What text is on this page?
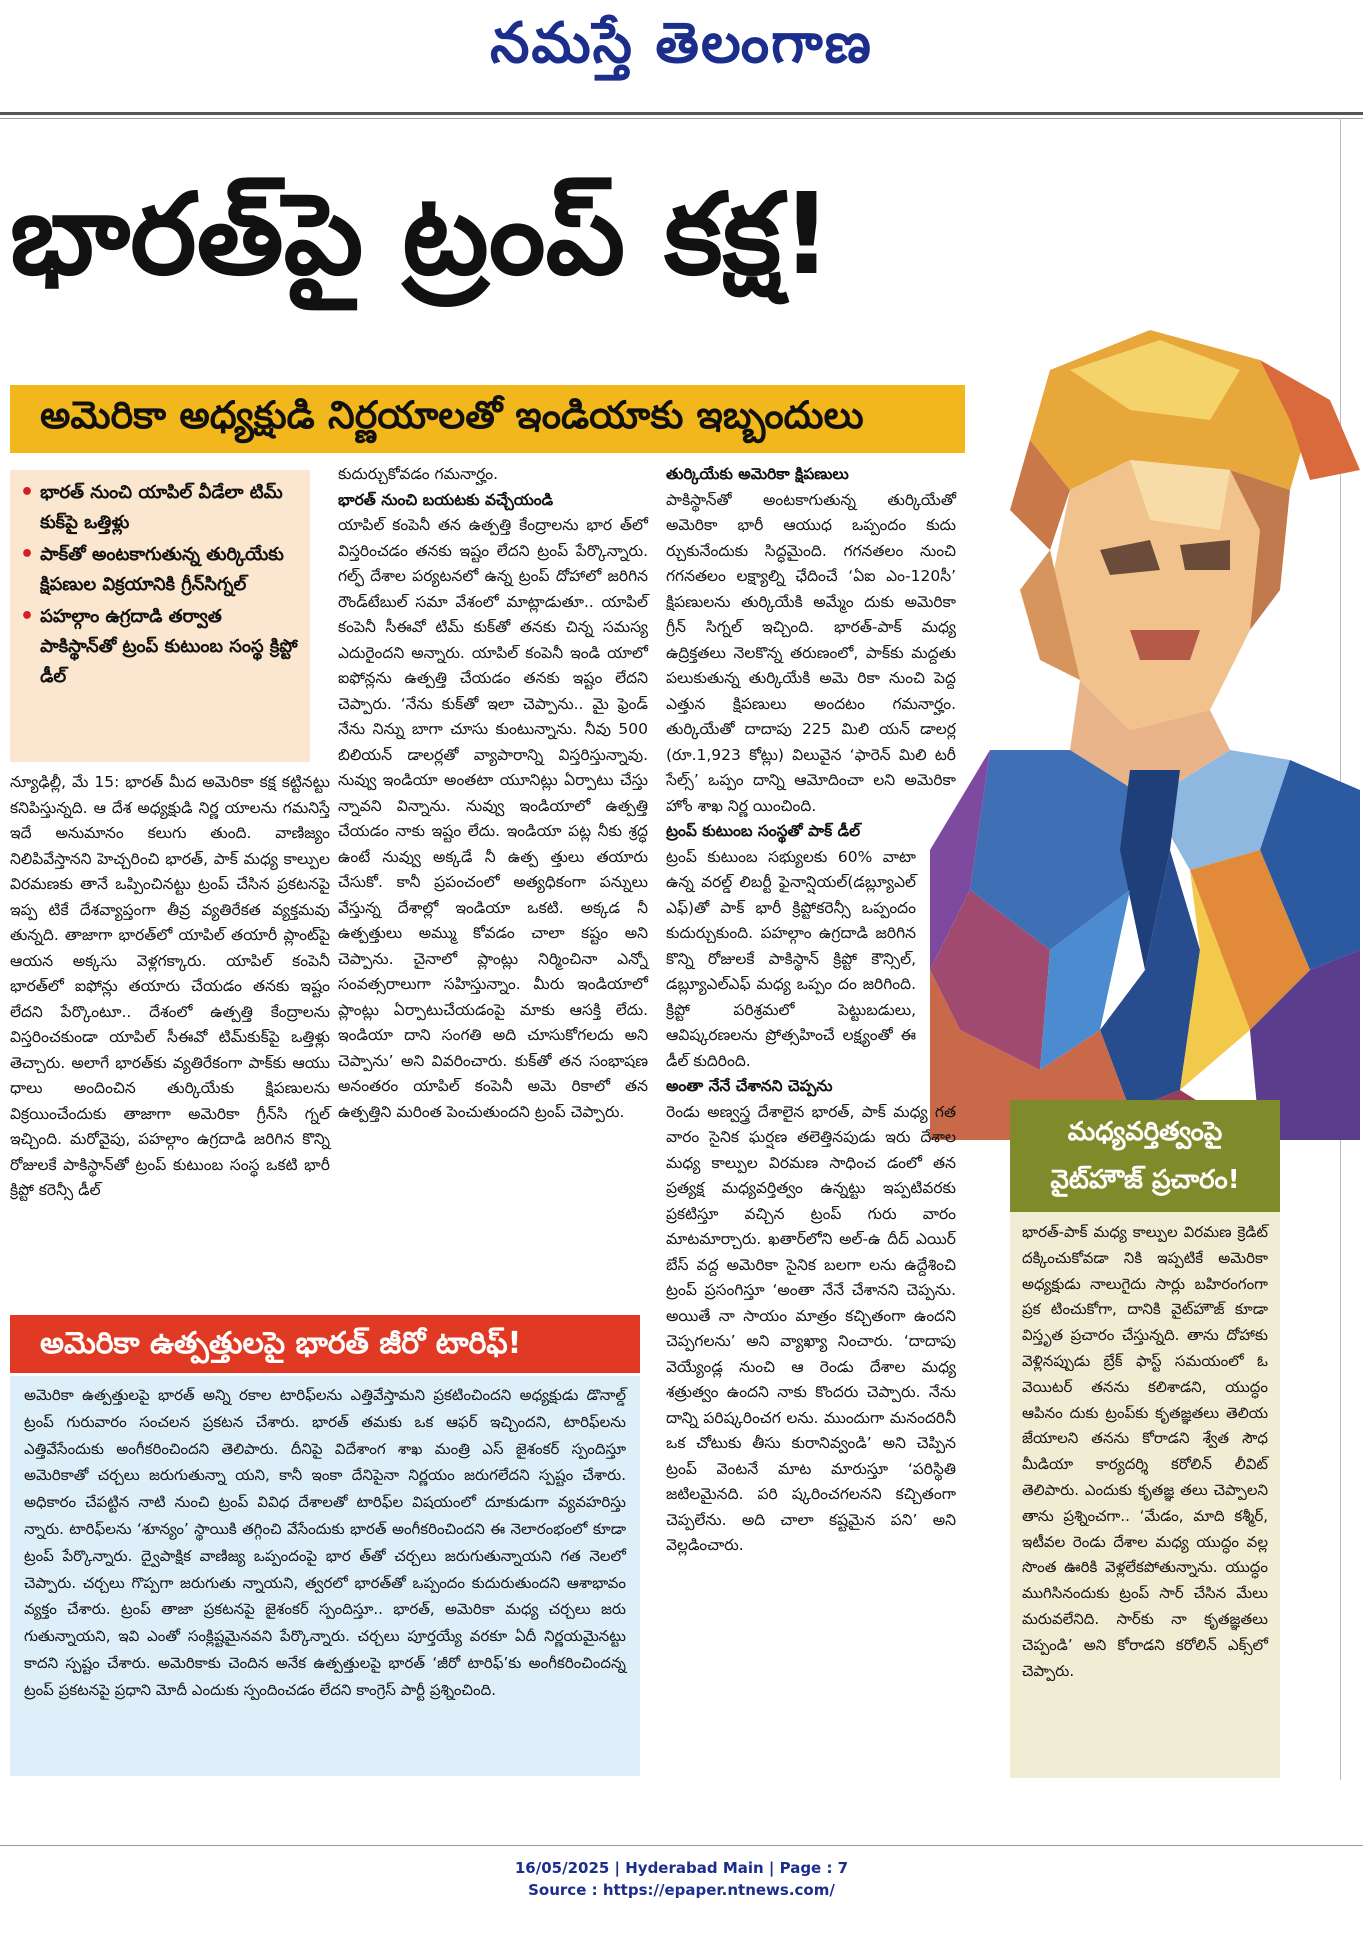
నమస్తే తెలంగాణ
భారత్‌పై ట్రంప్ కక్ష!
అమెరికా అధ్యక్షుడి నిర్ణయాలతో ఇండియాకు ఇబ్బందులు
• భారత్ నుంచి యాపిల్ వీడేలా టిమ్ కుక్‌పై ఒత్తిళ్లు
• పాక్‌తో అంటకాగుతున్న తుర్కియేకు క్షిపణుల విక్రయానికి గ్రీన్‌సిగ్నల్
• పహల్గాం ఉగ్రదాడి తర్వాత పాకిస్థాన్‌తో ట్రంప్ కుటుంబ సంస్థ క్రిప్టో డీల్

న్యూఢిల్లీ, మే 15: భారత్ మీద అమెరికా కక్ష కట్టినట్టు కనిపిస్తున్నది. ఆ దేశ అధ్యక్షుడి నిర్ణ యాలను గమనిస్తే ఇదే అనుమానం కలుగు తుంది. వాణిజ్యం నిలిపివేస్తానని హెచ్చరించి భారత్, పాక్ మధ్య కాల్పుల విరమణకు తానే ఒప్పించినట్టు ట్రంప్ చేసిన ప్రకటనపై ఇప్ప టికే దేశవ్యాప్తంగా తీవ్ర వ్యతిరేకత వ్యక్తమవు తున్నది. తాజాగా భారత్‌లో యాపిల్ తయారీ ప్లాంట్‌పై ఆయన అక్కసు వెళ్లగక్కారు. యాపిల్ కంపెనీ భారత్‌లో ఐఫోన్లు తయారు చేయడం తనకు ఇష్టం లేదని పేర్కొంటూ.. దేశంలో ఉత్పత్తి కేంద్రాలను విస్తరించకుండా యాపిల్ సీఈవో టిమ్‌కుక్‌పై ఒత్తిళ్లు తెచ్చారు. అలాగే భారత్‌కు వ్యతిరేకంగా పాక్‌కు ఆయు ధాలు అందించిన తుర్కియేకు క్షిపణులను విక్రయించేందుకు తాజాగా అమెరికా గ్రీన్‌సి గ్నల్ ఇచ్చింది. మరోవైపు, పహల్గాం ఉగ్రదాడి జరిగిన కొన్ని రోజులకే పాకిస్థాన్‌తో ట్రంప్ కుటుంబ సంస్థ ఒకటి భారీ క్రిప్టో కరెన్సీ డీల్

కుదుర్చుకోవడం గమనార్హం.

భారత్ నుంచి బయటకు వచ్చేయండి

యాపిల్ కంపెనీ తన ఉత్పత్తి కేంద్రాలను భార త్‌లో విస్తరించడం తనకు ఇష్టం లేదని ట్రంప్ పేర్కొన్నారు. గల్ఫ్ దేశాల పర్యటనలో ఉన్న ట్రంప్ దోహాలో జరిగిన రౌండ్‌టేబుల్ సమా వేశంలో మాట్లాడుతూ.. యాపిల్ కంపెనీ సీఈవో టిమ్ కుక్‌తో తనకు చిన్న సమస్య ఎదురైందని అన్నారు. యాపిల్ కంపెనీ ఇండి యాలో ఐఫోన్లను ఉత్పత్తి చేయడం తనకు ఇష్టం లేదని చెప్పారు. ‘నేను కుక్‌తో ఇలా చెప్పాను.. మై ఫ్రెండ్ నేను నిన్ను బాగా చూసు కుంటున్నాను. నీవు 500 బిలియన్ డాలర్లతో వ్యాపారాన్ని విస్తరిస్తున్నావు. నువ్వు ఇండియా అంతటా యూనిట్లు ఏర్పాటు చేస్తు న్నావని విన్నాను. నువ్వు ఇండియాలో ఉత్పత్తి చేయడం నాకు ఇష్టం లేదు. ఇండియా పట్ల నీకు శ్రద్ధ ఉంటే నువ్వు అక్కడే నీ ఉత్ప త్తులు తయారు చేసుకో. కానీ ప్రపంచంలో అత్యధికంగా పన్నులు వేస్తున్న దేశాల్లో ఇండియా ఒకటి. అక్కడ నీ ఉత్పత్తులు అమ్ము కోవడం చాలా కష్టం అని చెప్పాను. చైనాలో ప్లాంట్లు నిర్మించినా ఎన్నో సంవత్సరాలుగా సహిస్తున్నాం. మీరు ఇండియాలో ప్లాంట్లు ఏర్పాటుచేయడంపై మాకు ఆసక్తి లేదు. ఇండియా దాని సంగతి అది చూసుకోగలదు అని చెప్పాను’ అని వివరించారు. కుక్‌తో తన సంభాషణ అనంతరం యాపిల్ కంపెనీ అమె రికాలో తన ఉత్పత్తిని మరింత పెంచుతుందని ట్రంప్ చెప్పారు.

తుర్కియేకు అమెరికా క్షిపణులు

పాకిస్థాన్‌తో అంటకాగుతున్న తుర్కియేతో అమెరికా భారీ ఆయుధ ఒప్పందం కుదు ర్చుకునేందుకు సిద్ధమైంది. గగనతలం నుంచి గగనతలం లక్ష్యాల్ని ఛేదించే ‘ఏఐ ఎం-120సీ’ క్షిపణులను తుర్కియేకి అమ్మేం దుకు అమెరికా గ్రీన్ సిగ్నల్ ఇచ్చింది. భారత్-పాక్ మధ్య ఉద్రిక్తతలు నెలకొన్న తరుణంలో, పాక్‌కు మద్దతు పలుకుతున్న తుర్కియేకి అమె రికా నుంచి పెద్ద ఎత్తున క్షిపణులు అందటం గమనార్హం. తుర్కియేతో దాదాపు 225 మిలి యన్ డాలర్ల (రూ.1,923 కోట్లు) విలువైన ‘ఫారెన్ మిలి టరీ సేల్స్’ ఒప్పం దాన్ని ఆమోదించా లని అమెరికా హోం శాఖ నిర్ణ యించింది.

ట్రంప్ కుటుంబ సంస్థతో పాక్ డీల్

ట్రంప్ కుటుంబ సభ్యులకు 60% వాటా ఉన్న వరల్డ్ లిబర్టీ ఫైనాన్షియల్(డబ్ల్యూఎల్ ఎఫ్)తో పాక్ భారీ క్రిప్టోకరెన్సీ ఒప్పందం కుదుర్చుకుంది. పహల్గాం ఉగ్రదాడి జరిగిన కొన్ని రోజులకే పాకిస్థాన్ క్రిప్టో కౌన్సిల్, డబ్ల్యూఎల్‌ఎఫ్ మధ్య ఒప్పం దం జరిగింది. క్రిప్టో పరిశ్రమలో పెట్టుబడులు, ఆవిష్కరణలను ప్రోత్సహించే లక్ష్యంతో ఈ డీల్ కుదిరింది.

అంతా నేనే చేశానని చెప్పను

రెండు అణ్వస్త్ర దేశాలైన భారత్, పాక్ మధ్య గత వారం సైనిక ఘర్షణ తలెత్తినపుడు ఇరు దేశాల మధ్య కాల్పుల విరమణ సాధించ డంలో తన ప్రత్యక్ష మధ్యవర్తిత్వం ఉన్నట్టు ఇప్పటివరకు ప్రకటిస్తూ వచ్చిన ట్రంప్ గురు వారం మాటమార్చారు. ఖతార్‌లోని అల్-ఉ దీద్ ఎయిర్ బేస్ వద్ద అమెరికా సైనిక బలగా లను ఉద్దేశించి ట్రంప్ ప్రసంగిస్తూ ‘అంతా నేనే చేశానని చెప్పను. అయితే నా సాయం మాత్రం కచ్చితంగా ఉందని చెప్పగలను’ అని వ్యాఖ్యా నించారు. ‘దాదాపు వెయ్యేండ్ల నుంచి ఆ రెండు దేశాల మధ్య శత్రుత్వం ఉందని నాకు కొందరు చెప్పారు. నేను దాన్ని పరిష్కరించగ లను. ముందుగా మనందరినీ ఒక చోటుకు తీసు కురానివ్వండి’ అని చెప్పిన ట్రంప్ వెంటనే మాట మారుస్తూ ‘పరిస్థితి జటిలమైనది. పరి ష్కరించగలనని కచ్చితంగా చెప్పలేను. అది చాలా కష్టమైన పని’ అని వెల్లడించారు.

మధ్యవర్తిత్వంపై
వైట్‌హౌజ్ ప్రచారం!
భారత్-పాక్ మధ్య కాల్పుల విరమణ క్రెడిట్ దక్కించుకోవడా నికి ఇప్పటికే అమెరికా అధ్యక్షుడు నాలుగైదు సార్లు బహిరంగంగా ప్రక టించుకోగా, దానికి వైట్‌హౌజ్ కూడా విస్తృత ప్రచారం చేస్తున్నది. తాను దోహాకు వెళ్లినప్పుడు బ్రేక్ ఫాస్ట్ సమయంలో ఓ వెయిటర్ తనను కలిశాడని, యుద్ధం ఆపినం దుకు ట్రంప్‌కు కృతజ్ఞతలు తెలియ జేయాలని తనను కోరాడని శ్వేత సౌధ మీడియా కార్యదర్శి కరోలిన్ లీవిట్ తెలిపారు. ఎందుకు కృతజ్ఞ తలు చెప్పాలని తాను ప్రశ్నించగా.. ‘మేడం, మాది కశ్మీర్, ఇటీవల రెండు దేశాల మధ్య యుద్ధం వల్ల సొంత ఊరికి వెళ్లలేకపోతున్నాను. యుద్ధం ముగిసినందుకు ట్రంప్ సార్ చేసిన మేలు మరువలేనిది. సార్‌కు నా కృతజ్ఞతలు చెప్పండి’ అని కోరాడని కరోలిన్ ఎక్స్‌లో చెప్పారు.
అమెరికా ఉత్పత్తులపై భారత్ జీరో టారిఫ్!
అమెరికా ఉత్పత్తులపై భారత్ అన్ని రకాల టారిఫ్‌లను ఎత్తివేస్తామని ప్రకటించిందని అధ్యక్షుడు డొనాల్డ్ ట్రంప్ గురువారం సంచలన ప్రకటన చేశారు. భారత్ తమకు ఒక ఆఫర్ ఇచ్చిందని, టారిఫ్‌లను ఎత్తివేసేందుకు అంగీకరించిందని తెలిపారు. దీనిపై విదేశాంగ శాఖ మంత్రి ఎస్ జైశంకర్ స్పందిస్తూ అమెరికాతో చర్చలు జరుగుతున్నా యని, కానీ ఇంకా దేనిపైనా నిర్ణయం జరుగలేదని స్పష్టం చేశారు. అధికారం చేపట్టిన నాటి నుంచి ట్రంప్ వివిధ దేశాలతో టారిఫ్‌ల విషయంలో దూకుడుగా వ్యవహరిస్తు న్నారు. టారిఫ్‌లను ‘శూన్యం’ స్థాయికి తగ్గించి వేసేందుకు భారత్ అంగీకరించిందని ఈ నెలారంభంలో కూడా ట్రంప్ పేర్కొన్నారు. ద్వైపాక్షిక వాణిజ్య ఒప్పందంపై భార త్‌తో చర్చలు జరుగుతున్నాయని గత నెలలో చెప్పారు. చర్చలు గొప్పగా జరుగుతు న్నాయని, త్వరలో భారత్‌తో ఒప్పందం కుదురుతుందని ఆశాభావం వ్యక్తం చేశారు. ట్రంప్ తాజా ప్రకటనపై జైశంకర్ స్పందిస్తూ.. భారత్, అమెరికా మధ్య చర్చలు జరు గుతున్నాయని, ఇవి ఎంతో సంక్లిష్టమైనవని పేర్కొన్నారు. చర్చలు పూర్తయ్యే వరకూ ఏదీ నిర్ణయమైనట్టు కాదని స్పష్టం చేశారు. అమెరికాకు చెందిన అనేక ఉత్పత్తులపై భారత్ ‘జీరో టారిఫ్’కు అంగీకరించిందన్న ట్రంప్ ప్రకటనపై ప్రధాని మోదీ ఎందుకు స్పందించడం లేదని కాంగ్రెస్ పార్టీ ప్రశ్నించింది.
16/05/2025 | Hyderabad Main | Page : 7
Source : https://epaper.ntnews.com/
